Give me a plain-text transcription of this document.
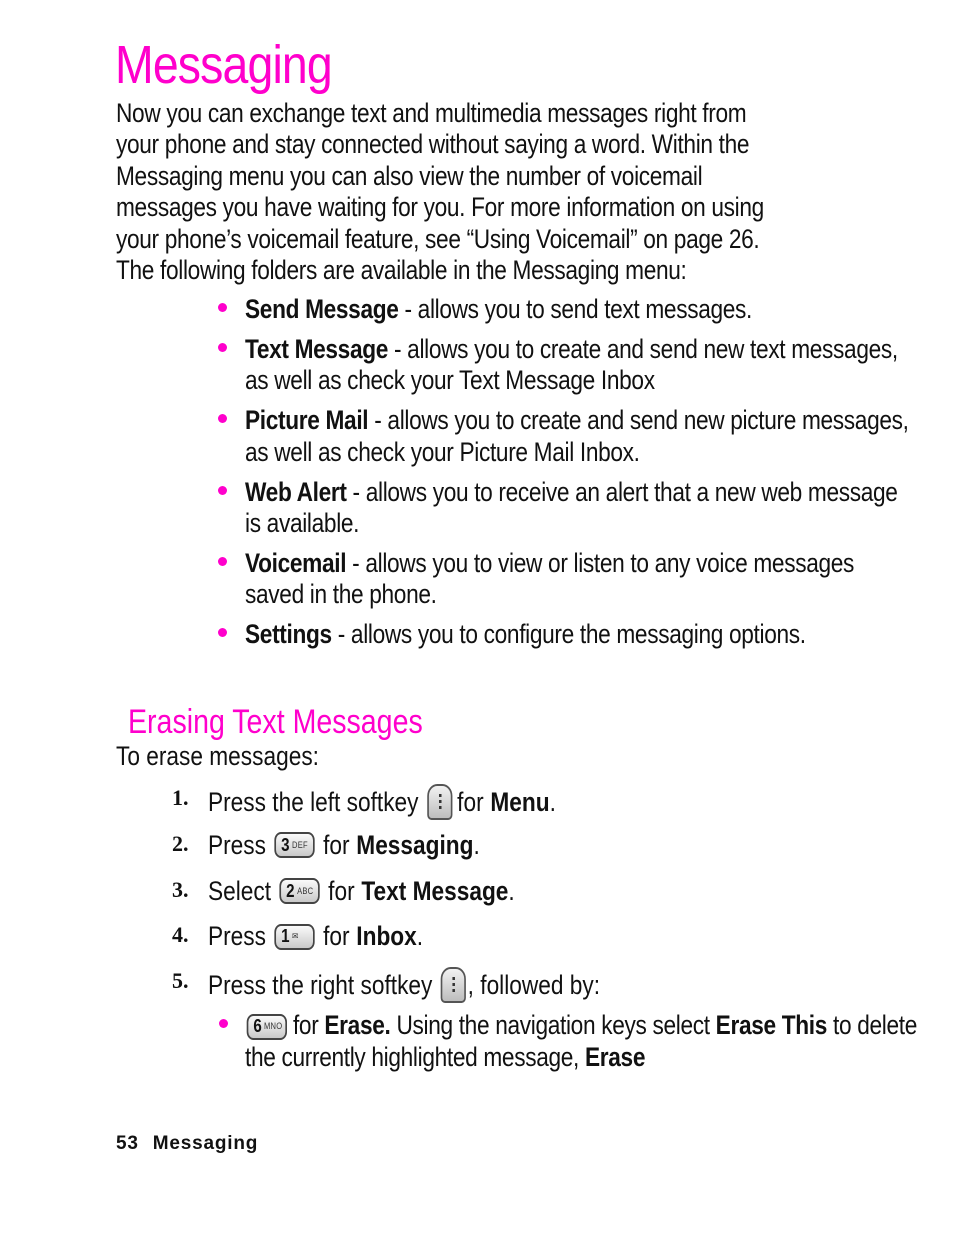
Messaging

Now you can exchange text and multimedia messages right from your phone and stay connected without saying a word. Within the Messaging menu you can also view the number of voicemail messages you have waiting for you. For more information on using your phone’s voicemail feature, see “Using Voicemail” on page 26. The following folders are available in the Messaging menu:

Send Message - allows you to send text messages.
Text Message - allows you to create and send new text messages, as well as check your Text Message Inbox
Picture Mail - allows you to create and send new picture messages, as well as check your Picture Mail Inbox.
Web Alert - allows you to receive an alert that a new web message is available.
Voicemail - allows you to view or listen to any voice messages saved in the phone.
Settings - allows you to configure the messaging options.
Erasing Text Messages

To erase messages:

1. Press the left softkey for Menu .
2. Press 3 DEF for Messaging .
3. Select 2 ABC for Text Message .
4. Press 1 ✉ for Inbox .
5. Press the right softkey , followed by:
6 MNO for Erase. Using the navigation keys select Erase This to delete the currently highlighted message, Erase
53 Messaging
